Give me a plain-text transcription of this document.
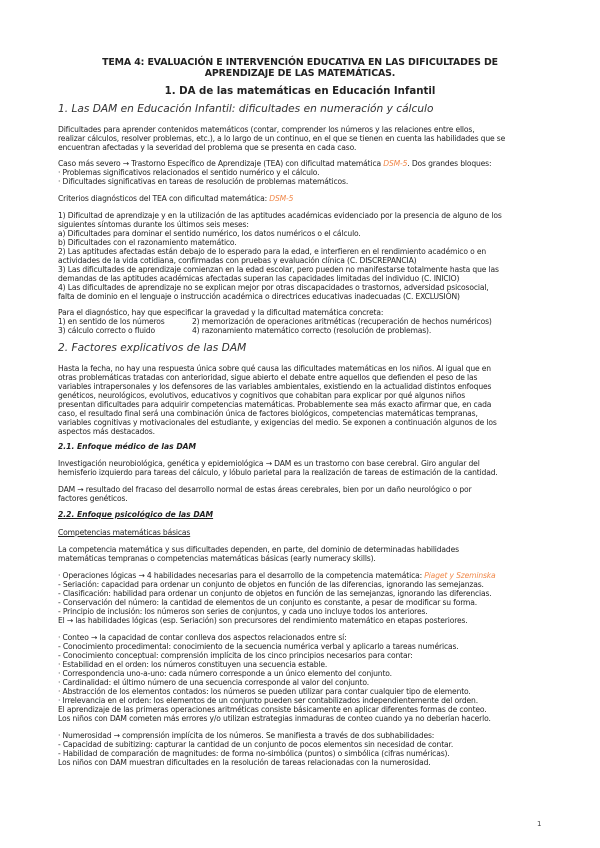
TEMA 4: EVALUACIÓN E INTERVENCIÓN EDUCATIVA EN LAS DIFICULTADES DE
APRENDIZAJE DE LAS MATEMÁTICAS.
1. DA de las matemáticas en Educación Infantil
1. Las DAM en Educación Infantil: dificultades en numeración y cálculo
Dificultades para aprender contenidos matemáticos (contar, comprender los números y las relaciones entre ellos,
realizar cálculos, resolver problemas, etc.), a lo largo de un continuo, en el que se tienen en cuenta las habilidades que se
encuentran afectadas y la severidad del problema que se presenta en cada caso.
Caso más severo → Trastorno Específico de Aprendizaje (TEA) con dificultad matemática DSM-5. Dos grandes bloques:
· Problemas significativos relacionados el sentido numérico y el cálculo.
· Dificultades significativas en tareas de resolución de problemas matemáticos.
Criterios diagnósticos del TEA con dificultad matemática: DSM-5
1) Dificultad de aprendizaje y en la utilización de las aptitudes académicas evidenciado por la presencia de alguno de los
siguientes síntomas durante los últimos seis meses:
a) Dificultades para dominar el sentido numérico, los datos numéricos o el cálculo.
b) Dificultades con el razonamiento matemático.
2) Las aptitudes afectadas están debajo de lo esperado para la edad, e interfieren en el rendimiento académico o en
actividades de la vida cotidiana, confirmadas con pruebas y evaluación clínica (C. DISCREPANCIA)
3) Las dificultades de aprendizaje comienzan en la edad escolar, pero pueden no manifestarse totalmente hasta que las
demandas de las aptitudes académicas afectadas superan las capacidades limitadas del individuo (C. INICIO)
4) Las dificultades de aprendizaje no se explican mejor por otras discapacidades o trastornos, adversidad psicosocial,
falta de dominio en el lenguaje o instrucción académica o directrices educativas inadecuadas (C. EXCLUSIÓN)
Para el diagnóstico, hay que especificar la gravedad y la dificultad matemática concreta:
1) en sentido de los números	2) memorización de operaciones aritméticas (recuperación de hechos numéricos)
3) cálculo correcto o fluido	4) razonamiento matemático correcto (resolución de problemas).
2. Factores explicativos de las DAM
Hasta la fecha, no hay una respuesta única sobre qué causa las dificultades matemáticas en los niños. Al igual que en
otras problemáticas tratadas con anterioridad, sigue abierto el debate entre aquellos que defienden el peso de las
variables intrapersonales y los defensores de las variables ambientales, existiendo en la actualidad distintos enfoques
genéticos, neurológicos, evolutivos, educativos y cognitivos que cohabitan para explicar por qué algunos niños
presentan dificultades para adquirir competencias matemáticas. Probablemente sea más exacto afirmar que, en cada
caso, el resultado final será una combinación única de factores biológicos, competencias matemáticas tempranas,
variables cognitivas y motivacionales del estudiante, y exigencias del medio. Se exponen a continuación algunos de los
aspectos más destacados.
2.1. Enfoque médico de las DAM
Investigación neurobiológica, genética y epidemiológica → DAM es un trastorno con base cerebral. Giro angular del
hemisferio izquierdo para tareas del cálculo, y lóbulo parietal para la realización de tareas de estimación de la cantidad.
DAM → resultado del fracaso del desarrollo normal de estas áreas cerebrales, bien por un daño neurológico o por
factores genéticos.
2.2. Enfoque psicológico de las DAM
Competencias matemáticas básicas
La competencia matemática y sus dificultades dependen, en parte, del dominio de determinadas habilidades
matemáticas tempranas o competencias matemáticas básicas (early numeracy skills).
· Operaciones lógicas → 4 habilidades necesarias para el desarrollo de la competencia matemática: Piaget y Szeminska
- Seriación: capacidad para ordenar un conjunto de objetos en función de las diferencias, ignorando las semejanzas.
- Clasificación: habilidad para ordenar un conjunto de objetos en función de las semejanzas, ignorando las diferencias.
- Conservación del número: la cantidad de elementos de un conjunto es constante, a pesar de modificar su forma.
- Principio de inclusión: los números son series de conjuntos, y cada uno incluye todos los anteriores.
El → las habilidades lógicas (esp. Seriación) son precursores del rendimiento matemático en etapas posteriores.
· Conteo → la capacidad de contar conlleva dos aspectos relacionados entre sí:
- Conocimiento procedimental: conocimiento de la secuencia numérica verbal y aplicarlo a tareas numéricas.
- Conocimiento conceptual: comprensión implícita de los cinco principios necesarios para contar:
· Estabilidad en el orden: los números constituyen una secuencia estable.
· Correspondencia uno-a-uno: cada número corresponde a un único elemento del conjunto.
· Cardinalidad: el último número de una secuencia corresponde al valor del conjunto.
· Abstracción de los elementos contados: los números se pueden utilizar para contar cualquier tipo de elemento.
· Irrelevancia en el orden: los elementos de un conjunto pueden ser contabilizados independientemente del orden.
El aprendizaje de las primeras operaciones aritméticas consiste básicamente en aplicar diferentes formas de conteo.
Los niños con DAM cometen más errores y/o utilizan estrategias inmaduras de conteo cuando ya no deberían hacerlo.
· Numerosidad → comprensión implícita de los números. Se manifiesta a través de dos subhabilidades:
- Capacidad de subitizing: capturar la cantidad de un conjunto de pocos elementos sin necesidad de contar.
- Habilidad de comparación de magnitudes: de forma no-simbólica (puntos) o simbólica (cifras numéricas).
Los niños con DAM muestran dificultades en la resolución de tareas relacionadas con la numerosidad.
1
